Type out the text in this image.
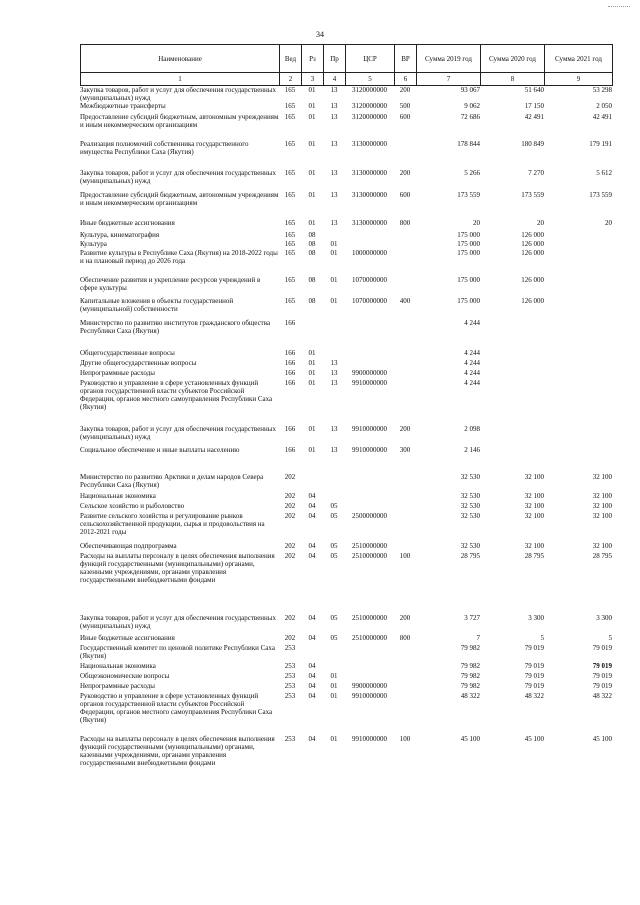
34
Наименование	Вед	Рз	Пр	ЦСР	ВР	Сумма 2019 год	Сумма 2020 год	Сумма 2021 год
1	2	3	4	5	6	7	8	9
Закупка товаров, работ и услуг для обеспечения государственных (муниципальных) нужд	165	01	13	3120000000	200	93 067	51 640	53 298
Межбюджетные трансферты	165	01	13	3120000000	500	9 062	17 150	2 050
Предоставление субсидий бюджетным, автономным учреждениям и иным некоммерческим организациям	165	01	13	3120000000	600	72 686	42 491	42 491
Реализация полномочий собственника государственного имущества Республики Саха (Якутия)	165	01	13	3130000000		178 844	180 849	179 191
Закупка товаров, работ и услуг для обеспечения государственных (муниципальных) нужд	165	01	13	3130000000	200	5 266	7 270	5 612
Предоставление субсидий бюджетным, автономным учреждениям и иным некоммерческим организациям	165	01	13	3130000000	600	173 559	173 559	173 559
Иные бюджетные ассигнования	165	01	13	3130000000	800	20	20	20
Культура, кинематография	165	08				175 000	126 000	
Культура	165	08	01			175 000	126 000	
Развитие культуры в Республике Саха (Якутия) на 2018-2022 годы и на плановый период до 2026 года	165	08	01	1000000000		175 000	126 000	
Обеспечение развития и укрепление ресурсов учреждений в сфере культуры	165	08	01	1070000000		175 000	126 000	
Капитальные вложения в объекты государственной (муниципальной) собственности	165	08	01	1070000000	400	175 000	126 000	
Министерство по развитию институтов гражданского общества Республики Саха (Якутия)	166					4 244		
Общегосударственные вопросы	166	01				4 244		
Другие общегосударственные вопросы	166	01	13			4 244		
Непрограммные расходы	166	01	13	9900000000		4 244		
Руководство и управление в сфере установленных функций органов государственной власти субъектов Российской Федерации, органов местного самоуправления Республики Саха (Якутия)	166	01	13	9910000000		4 244		
Закупка товаров, работ и услуг для обеспечения государственных (муниципальных) нужд	166	01	13	9910000000	200	2 098		
Социальное обеспечение и иные выплаты населению	166	01	13	9910000000	300	2 146		
Министерство по развитию Арктики и делам народов Севера Республики Саха (Якутия)	202					32 530	32 100	32 100
Национальная экономика	202	04				32 530	32 100	32 100
Сельское хозяйство и рыболовство	202	04	05			32 530	32 100	32 100
Развитие сельского хозяйства и регулирование рынков сельскохозяйственной продукции, сырья и продовольствия на 2012-2021 годы	202	04	05	2500000000		32 530	32 100	32 100
Обеспечивающая подпрограмма	202	04	05	2510000000		32 530	32 100	32 100
Расходы на выплаты персоналу в целях обеспечения выполнения функций государственными (муниципальными) органами, казенными учреждениями, органами управления государственными внебюджетными фондами	202	04	05	2510000000	100	28 795	28 795	28 795
Закупка товаров, работ и услуг для обеспечения государственных (муниципальных) нужд	202	04	05	2510000000	200	3 727	3 300	3 300
Иные бюджетные ассигнования	202	04	05	2510000000	800	7	5	5
Государственный комитет по ценовой политике Республики Саха (Якутия)	253					79 982	79 019	79 019
Национальная экономика	253	04				79 982	79 019	79 019
Общеэкономические вопросы	253	04	01			79 982	79 019	79 019
Непрограммные расходы	253	04	01	9900000000		79 982	79 019	79 019
Руководство и управление в сфере установленных функций органов государственной власти субъектов Российской Федерации, органов местного самоуправления Республики Саха (Якутия)	253	04	01	9910000000		48 322	48 322	48 322
Расходы на выплаты персоналу в целях обеспечения выполнения функций государственными (муниципальными) органами, казенными учреждениями, органами управления государственными внебюджетными фондами	253	04	01	9910000000	100	45 100	45 100	45 100
